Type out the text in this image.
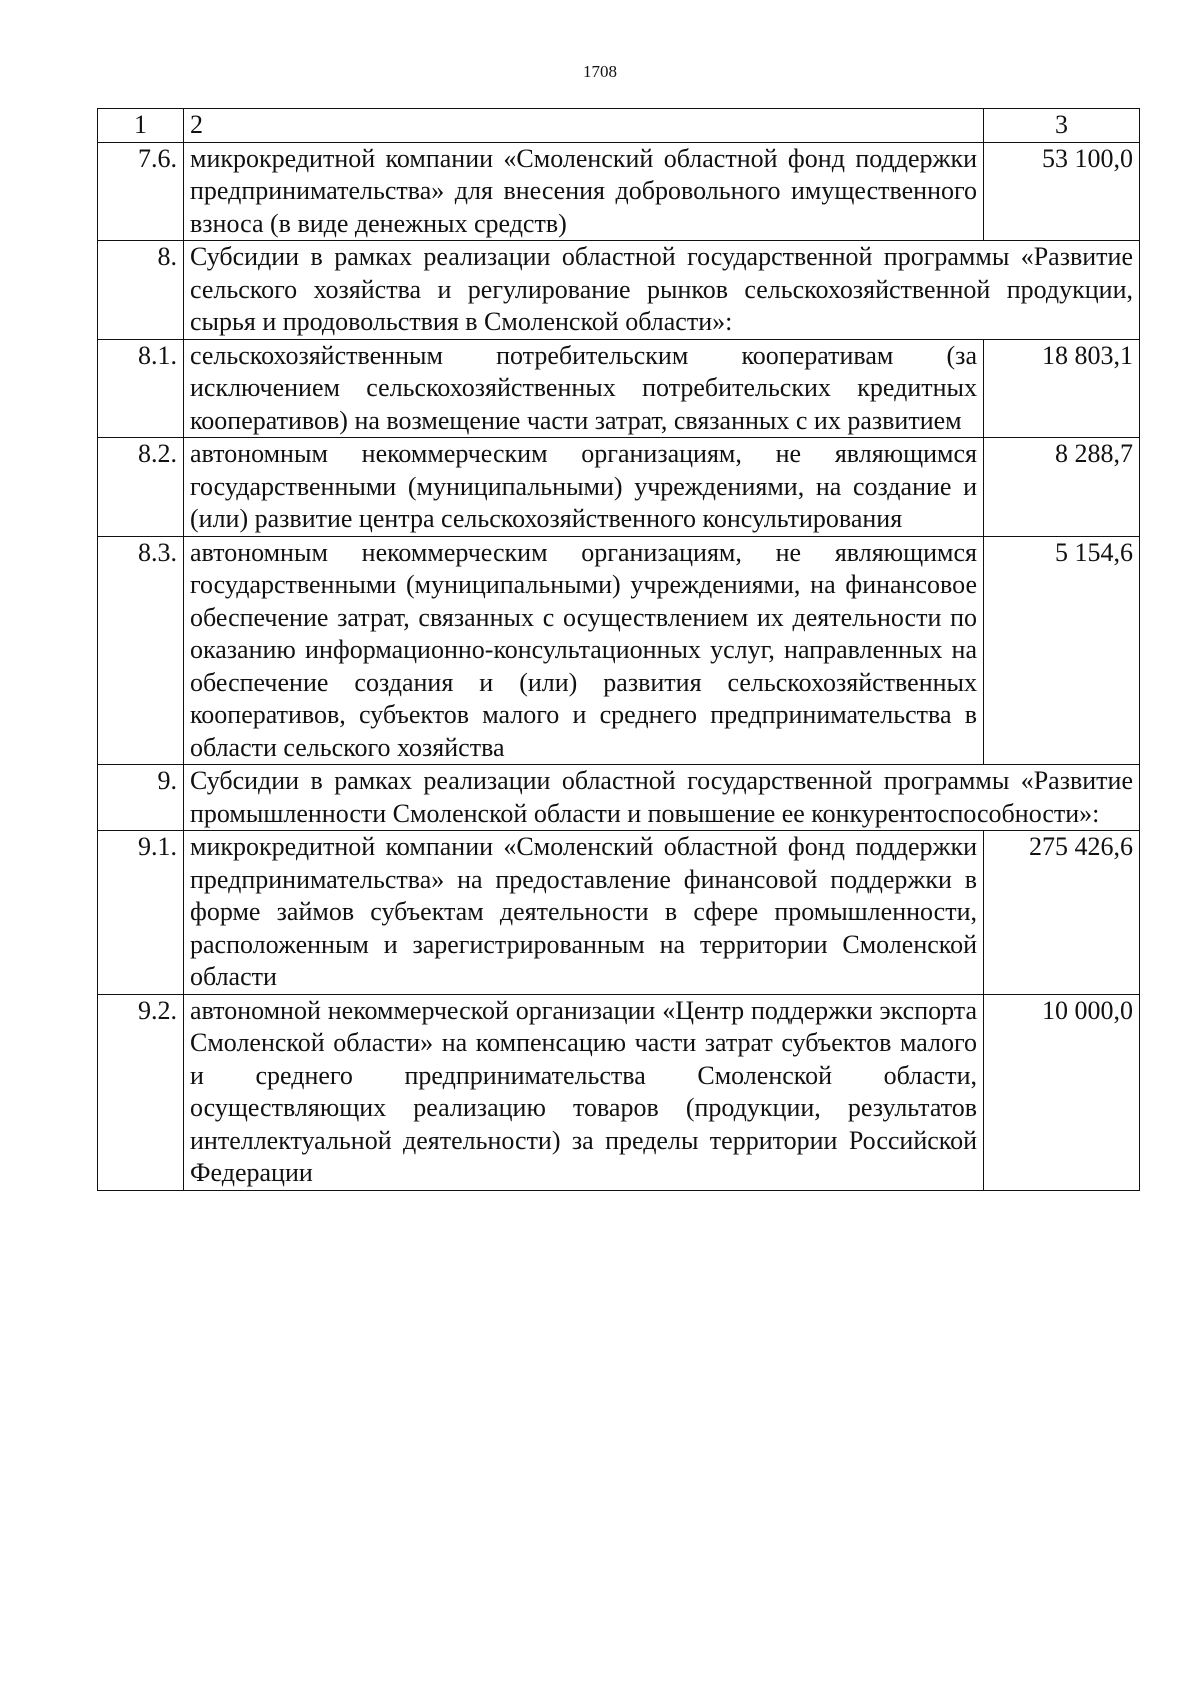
1708
1	2	3
7.6.	микрокредитной компании «Смоленский областной фонд поддержки предпринимательства» для внесения добровольного имущественного взноса (в виде денежных средств)	53 100,0
8.	Субсидии в рамках реализации областной государственной программы «Развитие сельского хозяйства и регулирование рынков сельскохозяйственной продукции, сырья и продовольствия в Смоленской области»:	
8.1.	сельскохозяйственным потребительским кооперативам (за исключением сельскохозяйственных потребительских кредитных кооперативов) на возмещение части затрат, связанных с их развитием	18 803,1
8.2.	автономным некоммерческим организациям, не являющимся государственными (муниципальными) учреждениями, на создание и (или) развитие центра сельскохозяйственного консультирования	8 288,7
8.3.	автономным некоммерческим организациям, не являющимся государственными (муниципальными) учреждениями, на финансовое обеспечение затрат, связанных с осуществлением их деятельности по оказанию информационно-консультационных услуг, направленных на обеспечение создания и (или) развития сельскохозяйственных кооперативов, субъектов малого и среднего предпринимательства в области сельского хозяйства	5 154,6
9.	Субсидии в рамках реализации областной государственной программы «Развитие промышленности Смоленской области и повышение ее конкурентоспособности»:	
9.1.	микрокредитной компании «Смоленский областной фонд поддержки предпринимательства» на предоставление финансовой поддержки в форме займов субъектам деятельности в сфере промышленности, расположенным и зарегистрированным на территории Смоленской области	275 426,6
9.2.	автономной некоммерческой организации «Центр поддержки экспорта Смоленской области» на компенсацию части затрат субъектов малого и среднего предпринимательства Смоленской области, осуществляющих реализацию товаров (продукции, результатов интеллектуальной деятельности) за пределы территории Российской Федерации	10 000,0
